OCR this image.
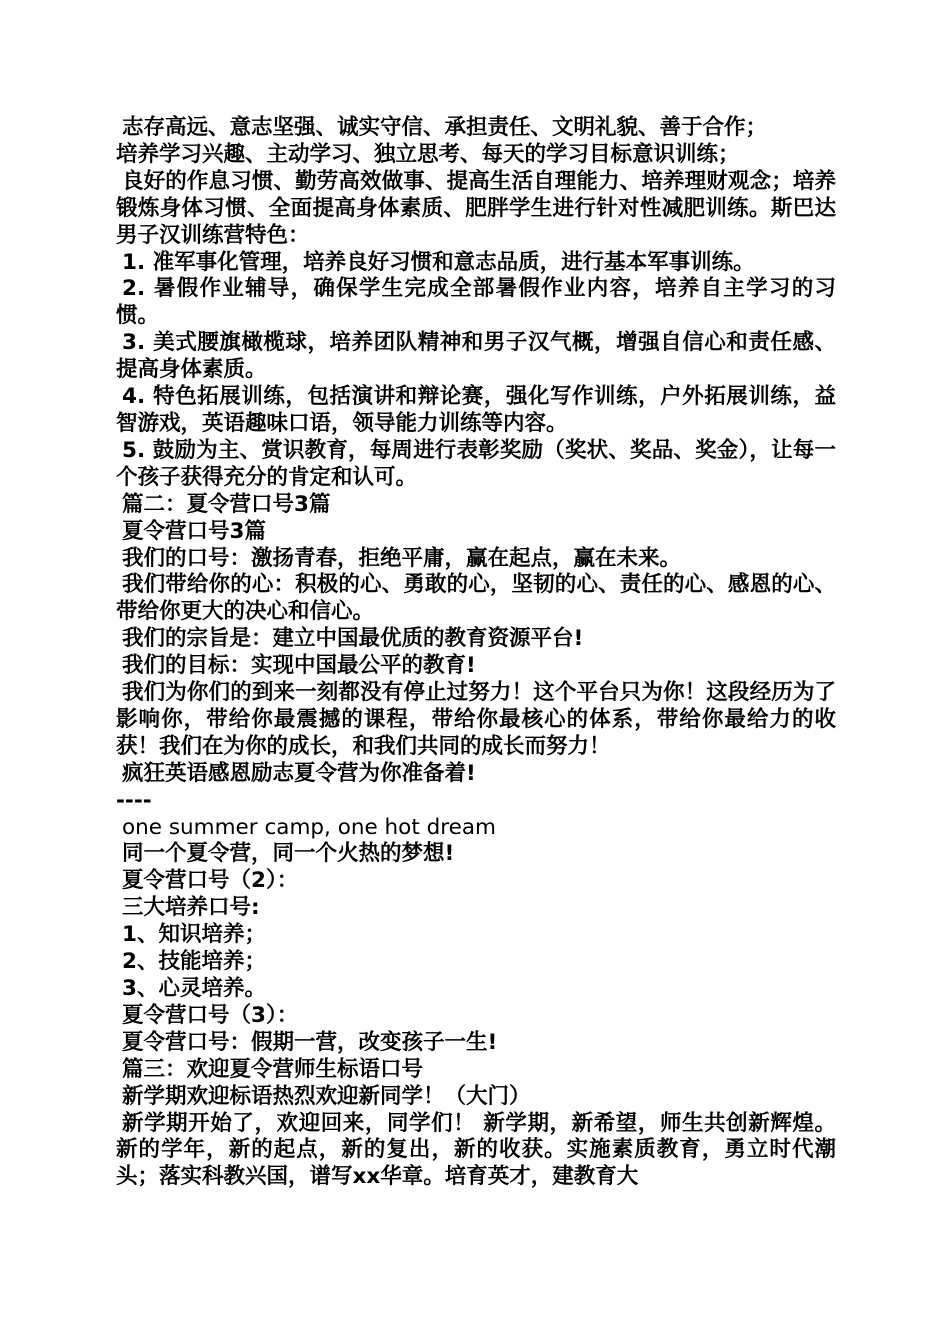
志存高远、意志坚强、诚实守信、承担责任、文明礼貌、善于合作；

培养学习兴趣、主动学习、独立思考、每天的学习目标意识训练；

良好的作息习惯、勤劳高效做事、提高生活自理能力、培养理财观念；培养锻炼身体习惯、全面提高身体素质、肥胖学生进行针对性减肥训练。斯巴达男子汉训练营特色：

1. 准军事化管理，培养良好习惯和意志品质，进行基本军事训练。

2. 暑假作业辅导，确保学生完成全部暑假作业内容，培养自主学习的习惯。

3. 美式腰旗橄榄球，培养团队精神和男子汉气概，增强自信心和责任感、提高身体素质。

4. 特色拓展训练，包括演讲和辩论赛，强化写作训练，户外拓展训练，益智游戏，英语趣味口语，领导能力训练等内容。

5. 鼓励为主、赏识教育，每周进行表彰奖励（奖状、奖品、奖金），让每一个孩子获得充分的肯定和认可。

篇二：夏令营口号3篇

夏令营口号3篇

我们的口号：激扬青春，拒绝平庸，赢在起点，赢在未来。

我们带给你的心：积极的心、勇敢的心，坚韧的心、责任的心、感恩的心、带给你更大的决心和信心。

我们的宗旨是：建立中国最优质的教育资源平台!

我们的目标：实现中国最公平的教育!

我们为你们的到来一刻都没有停止过努力！这个平台只为你！这段经历为了影响你，带给你最震撼的课程，带给你最核心的体系，带给你最给力的收获！我们在为你的成长，和我们共同的成长而努力！

疯狂英语感恩励志夏令营为你准备着!

----

one summer camp, one hot dream

同一个夏令营，同一个火热的梦想!

夏令营口号（2）：

三大培养口号:

1、知识培养；

2、技能培养；

3、心灵培养。

夏令营口号（3）：

夏令营口号：假期一营，改变孩子一生!

篇三：欢迎夏令营师生标语口号

新学期欢迎标语热烈欢迎新同学！（大门）

新学期开始了，欢迎回来，同学们！ 新学期，新希望，师生共创新辉煌。 新的学年，新的起点，新的复出，新的收获。实施素质教育，勇立时代潮头；落实科教兴国，谱写xx华章。培育英才，建教育大
